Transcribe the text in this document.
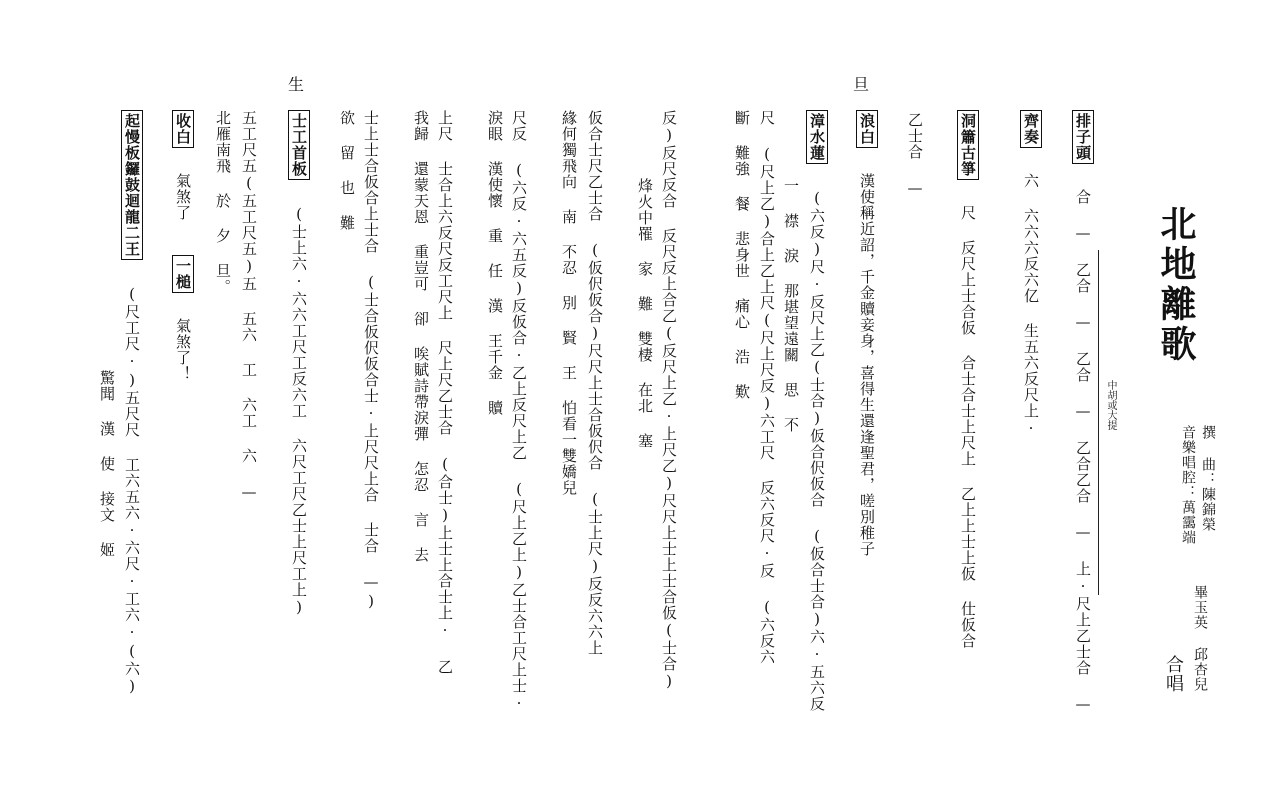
北地離歌
撰 曲：陳錦榮
音樂唱腔：萬靄端
畢玉英 邱杏兒
合唱
旦
生
中胡或大提
排子頭 合 — 乙合 — 乙合 — 乙合乙合 — 上·尺上乙士合 —
齊奏 六 六六六反六亿 生五六反尺上·
乙士合 — 洞簫古箏 尺 反尺上士合仮 合士合士上尺上 乙上上士上仮 仕仮合
浪白 漢使稱近詔，千金贖妾身，喜得生還逢聖君，嗟別稚子
漳水蓮 (六反)尺·反尺上乙(士合)仮合伬仮合 (仮合士合)六·五六反
一 襟 淚 那堪望遠關 思 不
尺 (尺上乙)合上乙上尺(尺上尺反)六工尺 反六反尺·反 (六反六
斷 難強 餐 悲身世 痛心 浩 歎
反)反尺反合 反尺反上合乙(反尺上乙·上尺乙)尺尺上士上士合仮(士合)
烽火中罹 家 難 雙棲 在北 塞
仮合士尺乙士合 (仮伬仮合)尺尺上士合仮伬合 (士上尺)反反六六上
緣何獨飛向 南 不忍 別 賢 王 怕看一雙嬌兒
尺反 (六反·六五反)反仮合·乙上反尺上乙 (尺上乙上)乙士合工尺上士·
淚眼 漢使懷 重 任 漢 王千金 贖
上尺 士合上六反尺反工尺上 尺上尺乙士合 (合士)上士上合士上· 乙
我歸 還蒙天恩 重豈可 卻 唉賦詩帶淚彈 怎忍 言 去
士上士合仮合上士合 (士合仮伬仮合士·上尺尺上合 士合 —)
欲 留 也 難
士工首板 (士上六·六六工尺工反六工 六尺工尺乙士上尺工上)
五工尺五(五工尺五)五 五六 工 六工 六 —
北雁南飛 於 夕 旦。
收白 氣煞了
一槌 氣煞了！
起慢板鑼鼓迴龍二王 (尺工尺·)五尺尺 工六五六·六尺·工六·(六)
驚聞 漢 使 接文 姬
